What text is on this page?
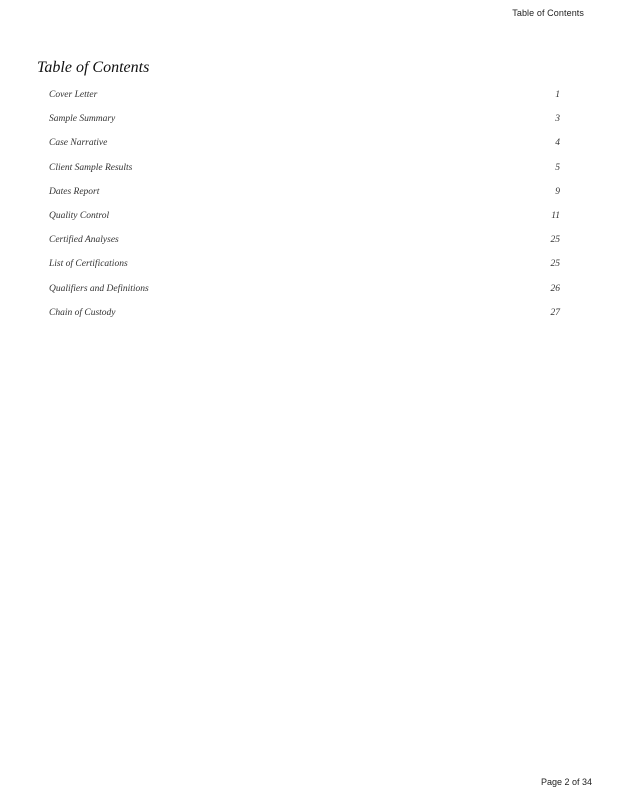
Table of Contents
Table of Contents
Cover Letter	1
Sample Summary	3
Case Narrative	4
Client Sample Results	5
Dates Report	9
Quality Control	11
Certified Analyses	25
List of Certifications	25
Qualifiers and Definitions	26
Chain of Custody	27
Page 2 of 34
